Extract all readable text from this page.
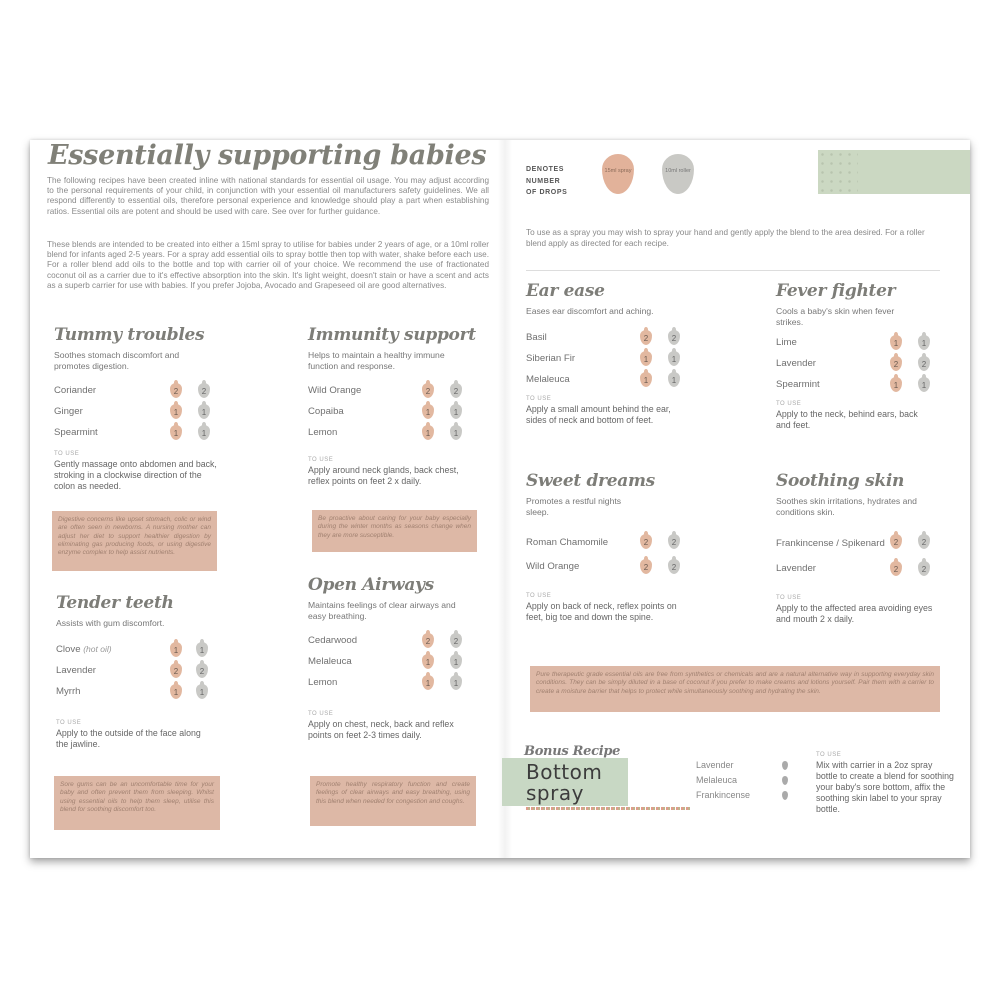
Essentially supporting babies
The following recipes have been created inline with national standards for essential oil usage. You may adjust according to the personal requirements of your child, in conjunction with your essential oil manufacturers safety guidelines. We all respond differently to essential oils, therefore personal experience and knowledge should play a part when establishing ratios. Essential oils are potent and should be used with care. See over for further guidance.
These blends are intended to be created into either a 15ml spray to utilise for babies under 2 years of age, or a 10ml roller blend for infants aged 2-5 years. For a spray add essential oils to spray bottle then top with water, shake before each use. For a roller blend add oils to the bottle and top with carrier oil of your choice. We recommend the use of fractionated coconut oil as a carrier due to it's effective absorption into the skin. It's light weight, doesn't stain or have a scent and acts as a superb carrier for use with babies. If you prefer Jojoba, Avocado and Grapeseed oil are good alternatives.
Tummy troubles
Soothes stomach discomfort and promotes digestion.
Coriander	2	2
Ginger	1	1
Spearmint	1	1
TO USE
Gently massage onto abdomen and back, stroking in a clockwise direction of the colon as needed.
Digestive concerns like upset stomach, colic or wind are often seen in newborns. A nursing mother can adjust her diet to support healthier digestion by eliminating gas producing foods, or using digestive enzyme complex to help assist nutrients.
Immunity support
Helps to maintain a healthy immune function and response.
Wild Orange	2	2
Copaiba	1	1
Lemon	1	1
TO USE
Apply around neck glands, back chest, reflex points on feet 2 x daily.
Be proactive about caring for your baby especially during the winter months as seasons change when they are more susceptible.
Tender teeth
Assists with gum discomfort.
Clove (hot oil)	1	1
Lavender	2	2
Myrrh	1	1
TO USE
Apply to the outside of the face along the jawline.
Sore gums can be an uncomfortable time for your baby and often prevent them from sleeping. Whilst using essential oils to help them sleep, utilise this blend for soothing discomfort too.
Open Airways
Maintains feelings of clear airways and easy breathing.
Cedarwood	2	2
Melaleuca	1	1
Lemon	1	1
TO USE
Apply on chest, neck, back and reflex points on feet 2-3 times daily.
Promote healthy respiratory function and create feelings of clear airways and easy breathing, using this blend when needed for congestion and coughs.
DENOTES
NUMBER
OF DROPS
15ml spray	10ml roller
To use as a spray you may wish to spray your hand and gently apply the blend to the area desired. For a roller blend apply as directed for each recipe.
Ear ease
Eases ear discomfort and aching.
Basil	2	2
Siberian Fir	1	1
Melaleuca	1	1
TO USE
Apply a small amount behind the ear, sides of neck and bottom of feet.
Fever fighter
Cools a baby's skin when fever strikes.
Lime	1	1
Lavender	2	2
Spearmint	1	1
TO USE
Apply to the neck, behind ears, back and feet.
Sweet dreams
Promotes a restful nights sleep.
Roman Chamomile	2	2
Wild Orange	2	2
TO USE
Apply on back of neck, reflex points on feet, big toe and down the spine.
Soothing skin
Soothes skin irritations, hydrates and conditions skin.
Frankincense / Spikenard	2	2
Lavender	2	2
TO USE
Apply to the affected area avoiding eyes and mouth 2 x daily.
Pure therapeutic grade essential oils are free from synthetics or chemicals and are a natural alternative way in supporting everyday skin conditions. They can be simply diluted in a base of coconut if you prefer to make creams and lotions yourself. Pair them with a carrier to create a moisture barrier that helps to protect while simultaneously soothing and hydrating the skin.
Bonus Recipe
Bottom
spray
Lavender
Melaleuca
Frankincense
TO USE
Mix with carrier in a 2oz spray bottle to create a blend for soothing your baby's sore bottom, affix the soothing skin label to your spray bottle.
